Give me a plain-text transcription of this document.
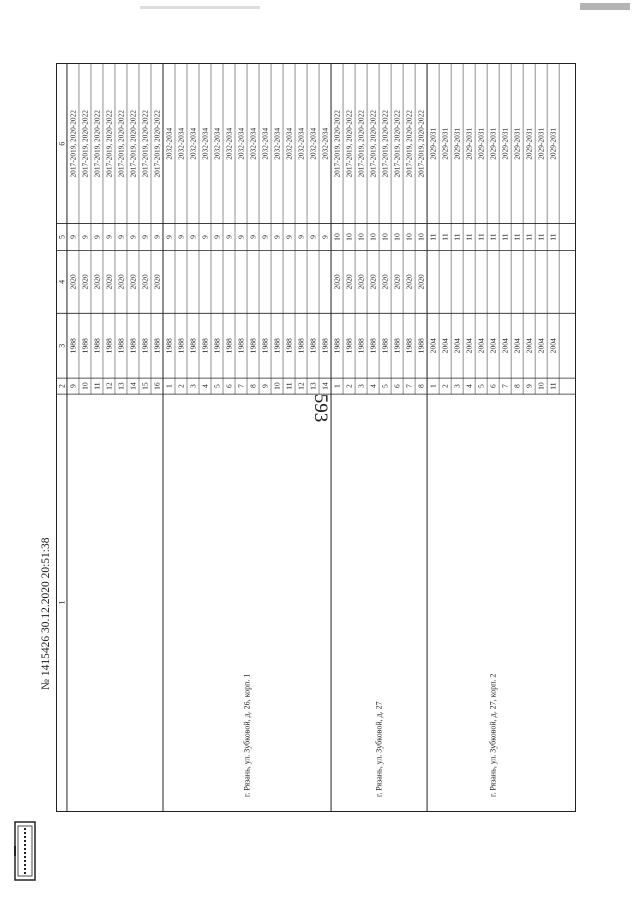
593
1
2
3
4
5
6
9
1988
2020
9
2017-2019, 2020-2022
10
1988
2020
9
2017-2019, 2020-2022
11
1988
2020
9
2017-2019, 2020-2022
12
1988
2020
9
2017-2019, 2020-2022
13
1988
2020
9
2017-2019, 2020-2022
14
1988
2020
9
2017-2019, 2020-2022
15
1988
2020
9
2017-2019, 2020-2022
16
1988
2020
9
2017-2019, 2020-2022
1
1988
9
2032-2034
2
1988
9
2032-2034
3
1988
9
2032-2034
4
1988
9
2032-2034
5
1988
9
2032-2034
6
1988
9
2032-2034
7
1988
9
2032-2034
8
1988
9
2032-2034
9
1988
9
2032-2034
10
1988
9
2032-2034
11
1988
9
2032-2034
12
1988
9
2032-2034
13
1988
9
2032-2034
14
1988
9
2032-2034
г. Рязань, ул. Зубковой, д. 26, корп. 1
1
1988
2020
10
2017-2019, 2020-2022
2
1988
2020
10
2017-2019, 2020-2022
3
1988
2020
10
2017-2019, 2020-2022
4
1988
2020
10
2017-2019, 2020-2022
5
1988
2020
10
2017-2019, 2020-2022
6
1988
2020
10
2017-2019, 2020-2022
7
1988
2020
10
2017-2019, 2020-2022
8
1988
2020
10
2017-2019, 2020-2022
г. Рязань, ул. Зубковой, д. 27
1
2004
11
2029-2031
2
2004
11
2029-2031
3
2004
11
2029-2031
4
2004
11
2029-2031
5
2004
11
2029-2031
6
2004
11
2029-2031
7
2004
11
2029-2031
8
2004
11
2029-2031
9
2004
11
2029-2031
10
2004
11
2029-2031
11
2004
11
2029-2031
г. Рязань, ул. Зубковой, д. 27, корп. 2
№ 1415426 30.12.2020 20:51:38
